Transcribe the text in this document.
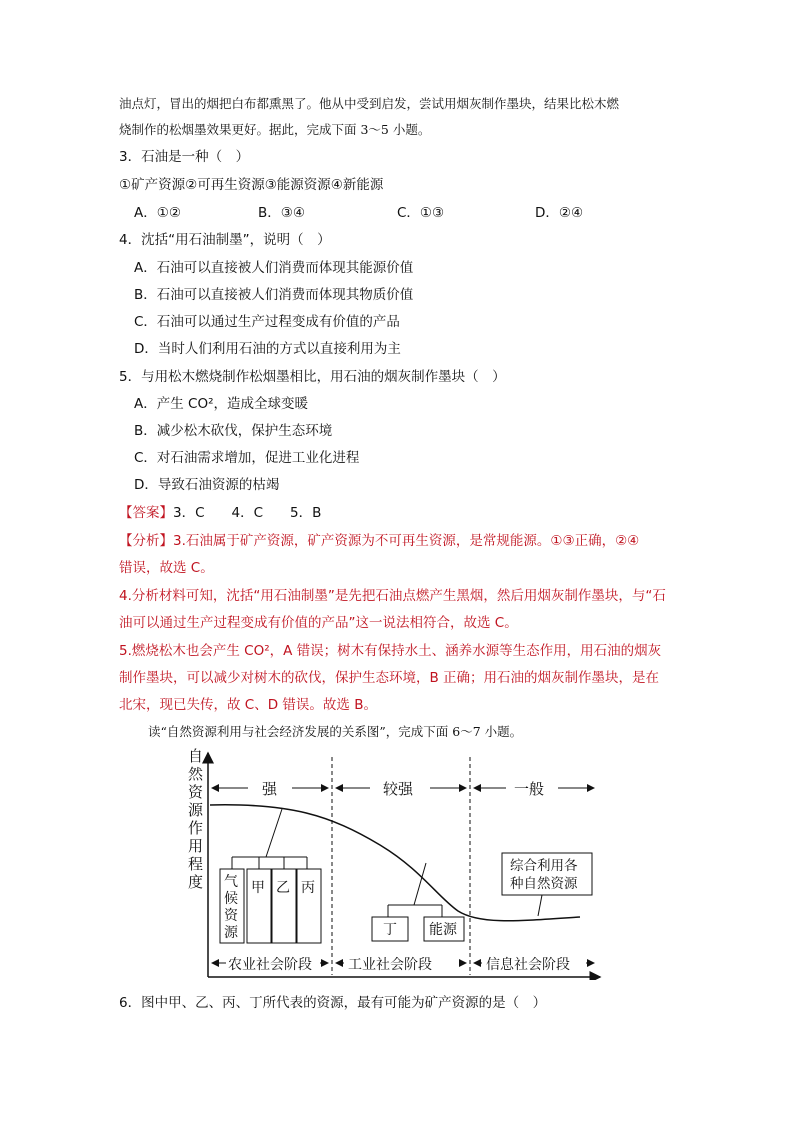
油点灯，冒出的烟把白布都熏黑了。他从中受到启发，尝试用烟灰制作墨块，结果比松木燃
烧制作的松烟墨效果更好。据此，完成下面 3～5 小题。
3．石油是一种（　）
①矿产资源②可再生资源③能源资源④新能源
A．①②	B．③④	C．①③	D．②④
4．沈括“用石油制墨”，说明（　）
A．石油可以直接被人们消费而体现其能源价值
B．石油可以直接被人们消费而体现其物质价值
C．石油可以通过生产过程变成有价值的产品
D．当时人们利用石油的方式以直接利用为主
5．与用松木燃烧制作松烟墨相比，用石油的烟灰制作墨块（　）
A．产生 CO²，造成全球变暖
B．减少松木砍伐，保护生态环境
C．对石油需求增加，促进工业化进程
D．导致石油资源的枯竭
【答案】3．C　　4．C　　5．B
【分析】3.石油属于矿产资源，矿产资源为不可再生资源，是常规能源。①③正确，②④
错误，故选 C。
4.分析材料可知，沈括“用石油制墨”是先把石油点燃产生黑烟，然后用烟灰制作墨块，与“石
油可以通过生产过程变成有价值的产品”这一说法相符合，故选 C。
5.燃烧松木也会产生 CO²，A 错误；树木有保持水土、涵养水源等生态作用，用石油的烟灰
制作墨块，可以减少对树木的砍伐，保护生态环境，B 正确；用石油的烟灰制作墨块，是在
北宋，现已失传，故 C、D 错误。故选 B。
读“自然资源利用与社会经济发展的关系图”，完成下面 6～7 小题。
自
然
资
源
作
用
程
度
强	较强	一般
气
候
资
源
甲 乙 丙
丁 能源
综合利用各
种自然资源
农业社会阶段	工业社会阶段	信息社会阶段
6．图中甲、乙、丙、丁所代表的资源，最有可能为矿产资源的是（　）
